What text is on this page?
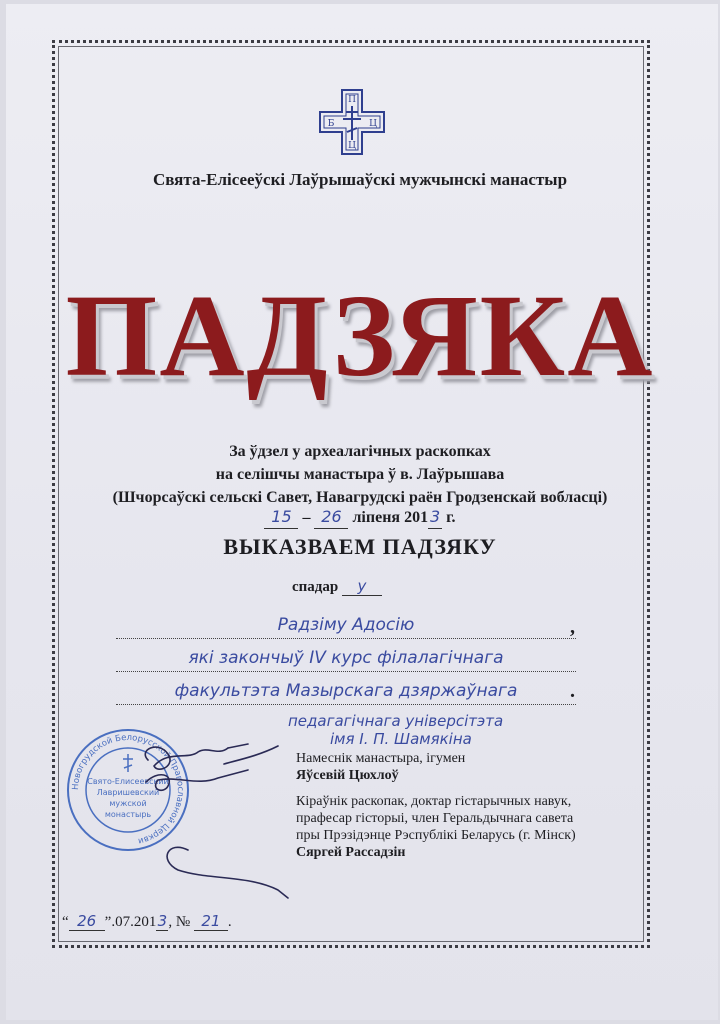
П
Б	Ц
Ц
Свята-Елісееўскі Лаўрышаўскі мужчынскі манастыр
ПАДЗЯКА
За ўдзел у археалагічных раскопках
на селішчы манастыра ў в. Лаўрышава
(Шчорсаўскі сельскі Савет, Навагрудскі раён Гродзенскай вобласці)
15 – 26 ліпеня 201 3 г.
ВЫКАЗВАЕМ ПАДЗЯКУ
спадар у
Радзіму Адосію	,
які закончыў IV курс філалагічнага
факультэта Мазырскага дзяржаўнага	.
педагагічнага універсітэта
імя І. П. Шамякіна
Новогрудской Белорусской Православной Церкви
Свято-Елисеевский
Лавришевский
мужской
монастырь
Намеснік манастыра, ігумен
Яўсевій Цюхлоў
Кіраўнік раскопак, доктар гістарычных навук,
прафесар гісторыі, член Геральдычнага савета
пры Прэзідэнце Рэспублікі Беларусь (г. Мінск)
Сяргей Рассадзін
“ 26 ”.07.2013, № 21 .
